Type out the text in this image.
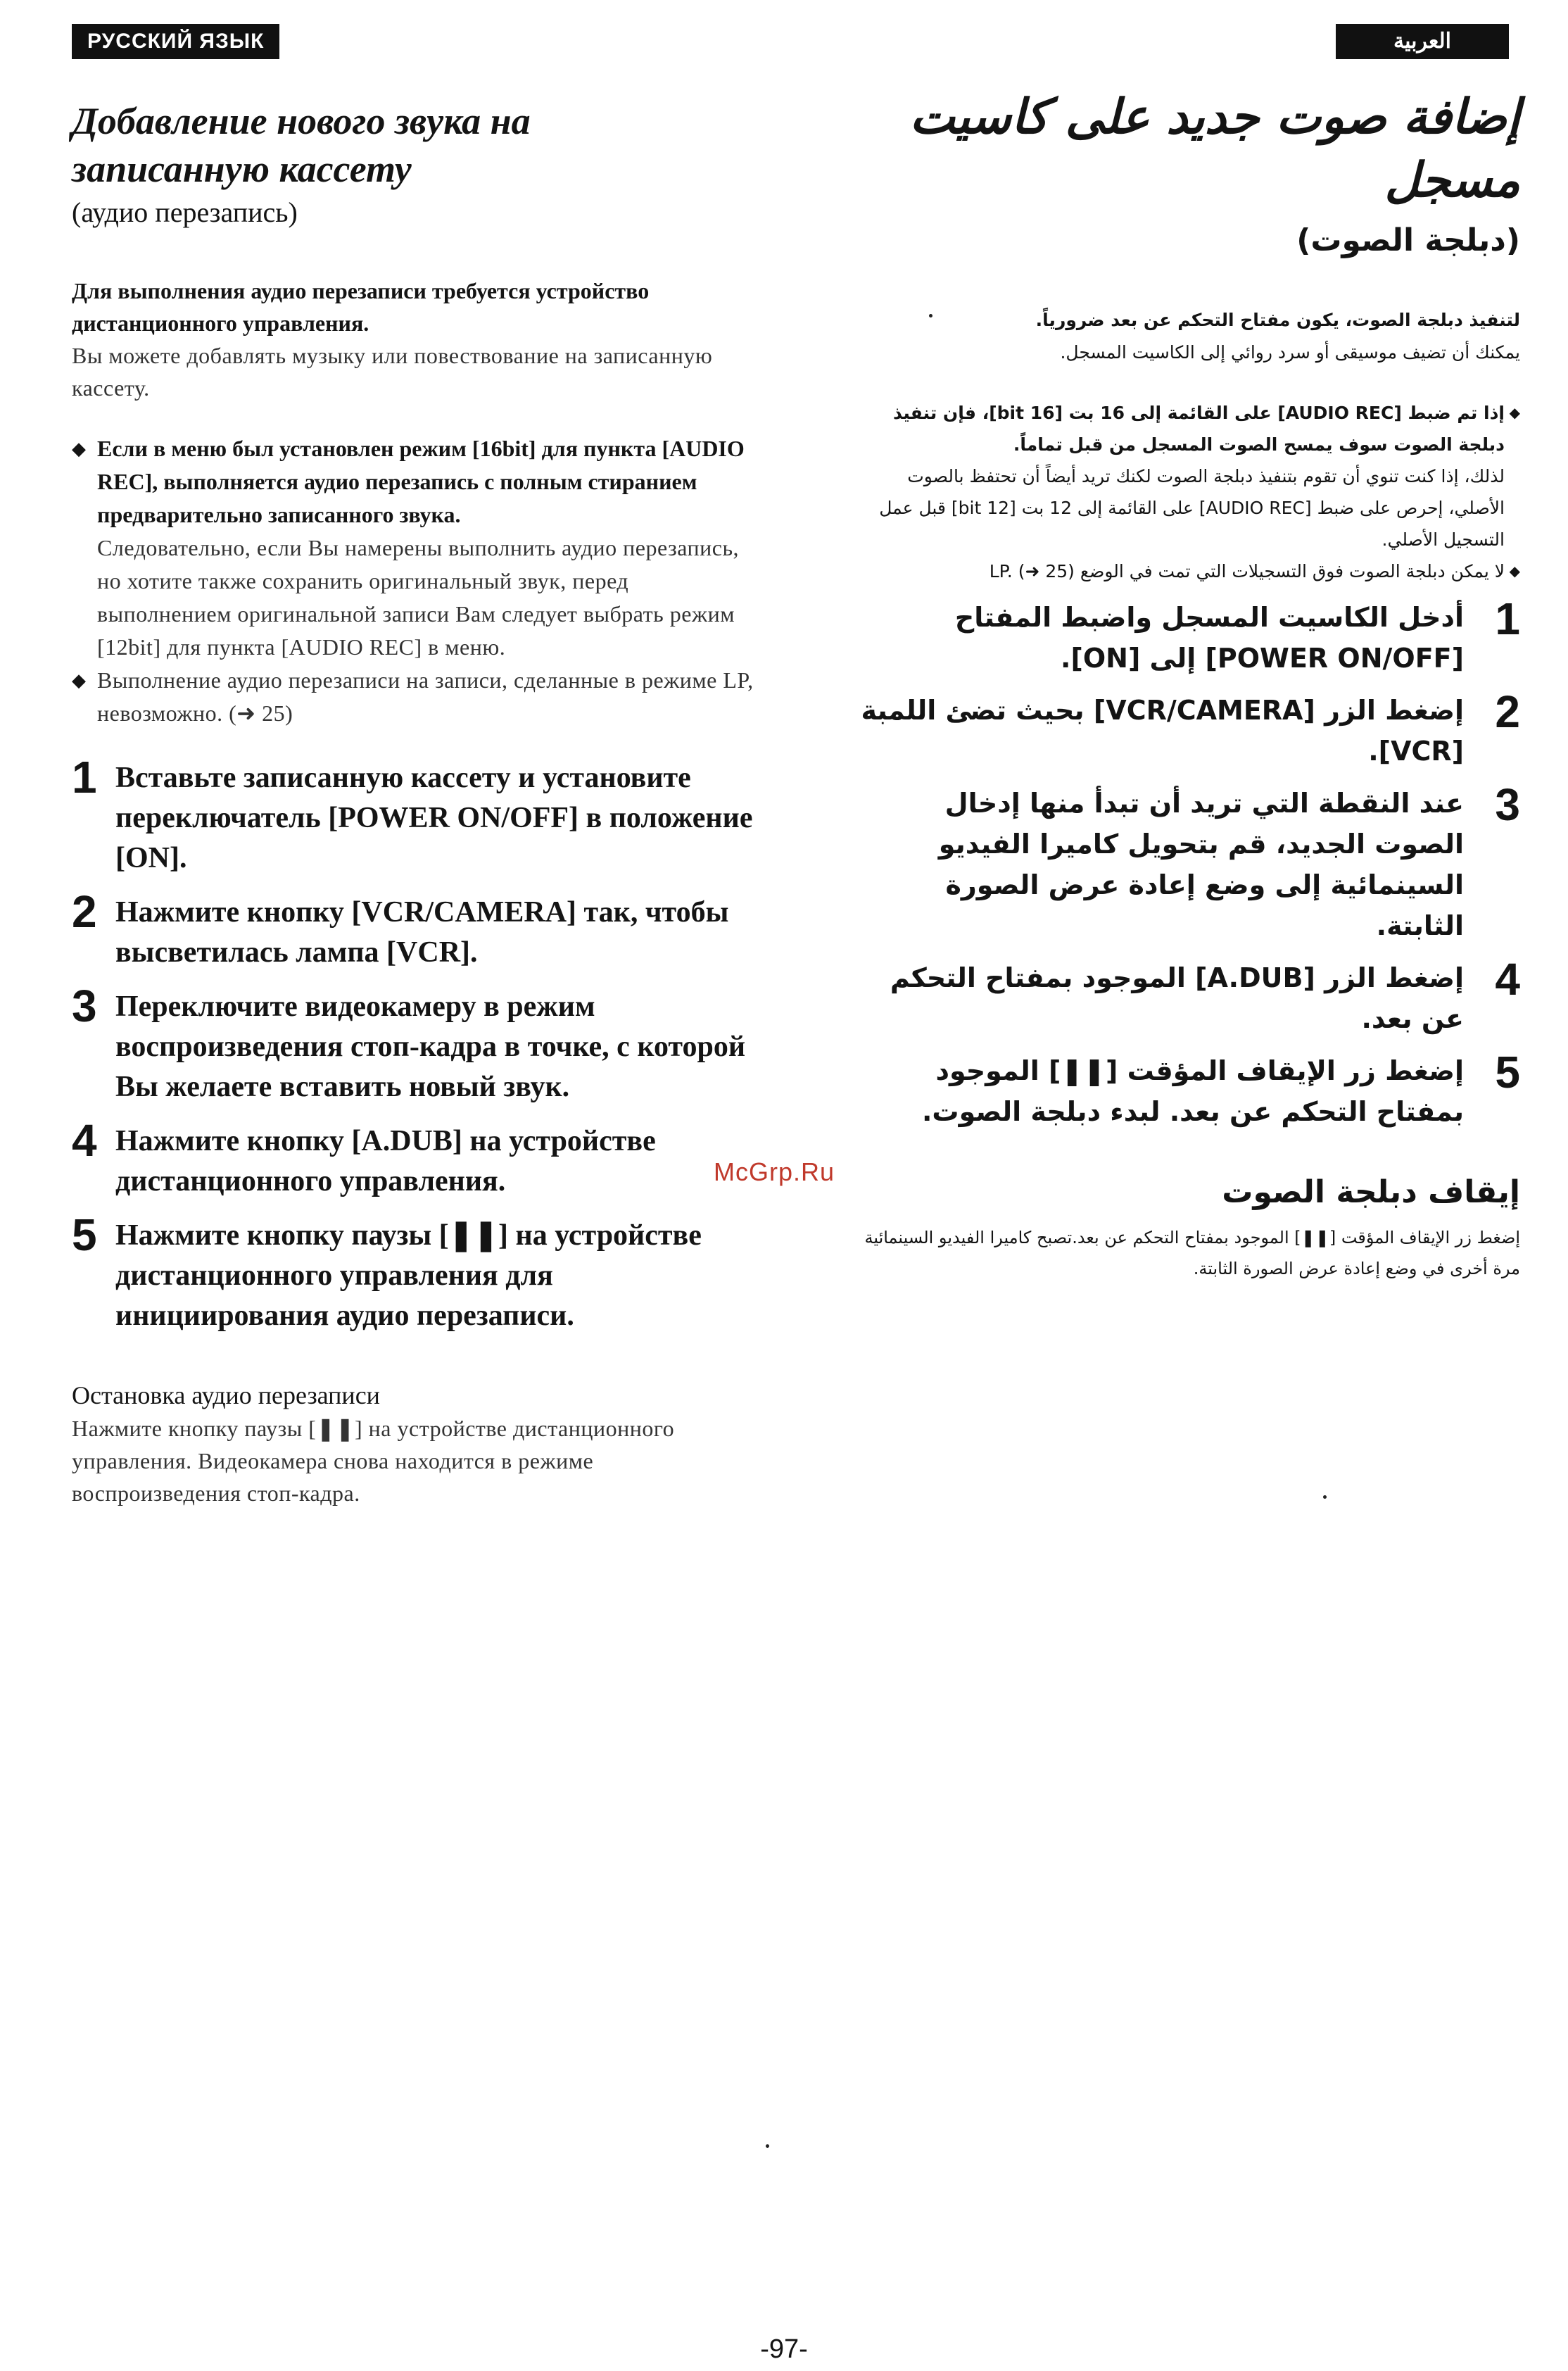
РУССКИЙ ЯЗЫК	العربية
Добавление нового звука на
записанную кассету

(аудио перезапись)

Для выполнения аудио перезаписи требуется устройство дистанционного управления.
Вы можете добавлять музыку или повествование на записанную кассету.
◆ Если в меню был установлен режим [16bit] для пункта [AUDIO REC], выполняется аудио перезапись с полным стиранием предварительно записанного звука.
Следовательно, если Вы намерены выполнить аудио перезапись, но хотите также сохранить оригинальный звук, перед выполнением оригинальной записи Вам следует выбрать режим [12bit] для пункта [AUDIO REC] в меню.
◆ Выполнение аудио перезаписи на записи, сделанные в режиме LP, невозможно. (➜ 25)
1 Вставьте записанную кассету и установите переключатель [POWER ON/OFF] в положение [ON].
2 Нажмите кнопку [VCR/CAMERA] так, чтобы высветилась лампа [VCR].
3 Переключите видеокамеру в режим воспроизведения стоп-кадра в точке, с которой Вы желаете вставить новый звук.
4 Нажмите кнопку [A.DUB] на устройстве дистанционного управления.
5 Нажмите кнопку паузы [❚❚] на устройстве дистанционного управления для инициирования аудио перезаписи.
Остановка аудио перезаписи

Нажмите кнопку паузы [❚❚] на устройстве дистанционного управления. Видеокамера снова находится в режиме воспроизведения стоп-кадра.

إضافة صوت جديد على كاسيت مسجل

(دبلجة الصوت)

لتنفيذ دبلجة الصوت، يكون مفتاح التحكم عن بعد ضرورياً.
يمكنك أن تضيف موسيقى أو سرد روائي إلى الكاسيت المسجل.
◆
إذا تم ضبط [AUDIO REC] على القائمة إلى 16 بت [16 bit]، فإن تنفيذ دبلجة الصوت سوف يمسح الصوت المسجل من قبل تماماً.
لذلك، إذا كنت تنوي أن تقوم بتنفيذ دبلجة الصوت لكنك تريد أيضاً أن تحتفظ بالصوت الأصلي، إحرص على ضبط [AUDIO REC] على القائمة إلى 12 بت [12 bit] قبل عمل التسجيل الأصلي.
◆
لا يمكن دبلجة الصوت فوق التسجيلات التي تمت في الوضع LP. (➜ 25)
1
أدخل الكاسيت المسجل واضبط المفتاح [POWER ON/OFF] إلى [ON].
2
إضغط الزر [VCR/CAMERA] بحيث تضئ اللمبة [VCR].
3
عند النقطة التي تريد أن تبدأ منها إدخال الصوت الجديد، قم بتحويل كاميرا الفيديو السينمائية إلى وضع إعادة عرض الصورة الثابتة.
4
إضغط الزر [A.DUB] الموجود بمفتاح التحكم عن بعد.
5
إضغط زر الإيقاف المؤقت [❚❚] الموجود بمفتاح التحكم عن بعد. لبدء دبلجة الصوت.
إيقاف دبلجة الصوت

إضغط زر الإيقاف المؤقت [❚❚] الموجود بمفتاح التحكم عن بعد.تصبح كاميرا الفيديو السينمائية مرة أخرى في وضع إعادة عرض الصورة الثابتة.

McGrp.Ru
-97-
